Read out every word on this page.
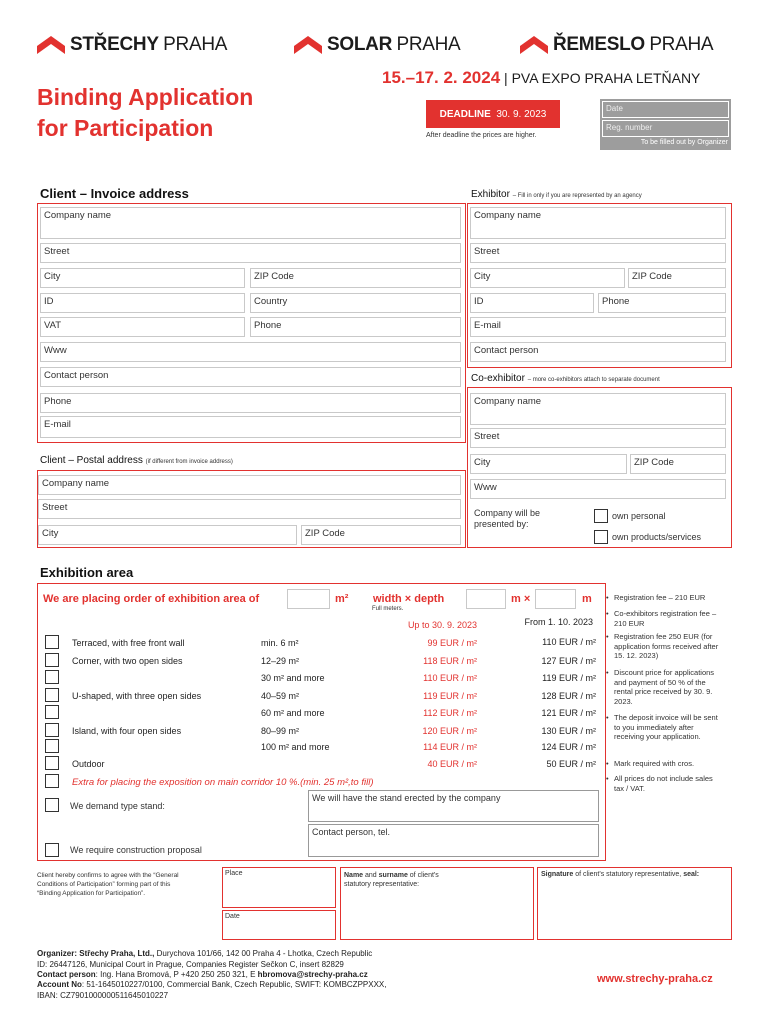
STŘECHY
PRAHA	SOLAR
PRAHA	ŘEMESLO
PRAHA
15.–17. 2. 2024 | PVA EXPO PRAHA LETŇANY
Binding Application
for Participation
DEADLINE
30. 9. 2023
After deadline the prices are higher.
Date
Reg. number
To be filled out by Organizer
Client – Invoice address
Company name
Street
City	ZIP Code
ID	Country
VAT	Phone
Www
Contact person
Phone
E-mail
Client – Postal address (if different from invoice address)
Company name
Street
City	ZIP Code
Exhibitor – Fill in only if you are represented by an agency
Company name
Street
City	ZIP Code
ID	Phone
E-mail
Contact person
Co-exhibitor – more co-exhibitors attach to separate document
Company name
Street
City	ZIP Code
Www
Company will be presented by:
own personal
own products/services
Exhibition area
We are placing order of exhibition area of	m² width × depth
Full meters.
m ×	m
Up to 30. 9. 2023	From 1. 10. 2023
Terraced, with free front wall	min. 6 m²	99 EUR / m²	110 EUR / m²
Corner, with two open sides	12–29 m²	118 EUR / m²	127 EUR / m²
30 m² and more	110 EUR / m²	119 EUR / m²
U-shaped, with three open sides	40–59 m²	119 EUR / m²	128 EUR / m²
60 m² and more	112 EUR / m²	121 EUR / m²
Island, with four open sides	80–99 m²	120 EUR / m²	130 EUR / m²
100 m² and more	114 EUR / m²	124 EUR / m²
Outdoor	40 EUR / m²	50 EUR / m²
Extra for placing the exposition on main corridor 10 %.(min. 25 m²,to fill)
We demand type stand:
We will have the stand erected by the company
Contact person, tel.
We require construction proposal
• Registration fee – 210 EUR
• Co-exhibitors registration fee – 210 EUR
• Registration fee 250 EUR (for application forms received after 15. 12. 2023)
• Discount price for applications and payment of 50 % of the rental price received by 30. 9. 2023.
• The deposit invoice will be sent to you immediately after receiving your application.
• Mark required with cros.
• All prices do not include sales tax / VAT.
Client hereby confirms to agree with the “General
Conditions of Participation” forming part of this
“Binding Application for Participation”.
Place
Date
Name and surname of client's
statutory representative:
Signature of client's statutory representative, seal:
Organizer: Střechy Praha, Ltd., Durychova 101/66, 142 00 Praha 4 - Lhotka, Czech Republic
ID: 26447126, Municipal Court in Prague, Companies Register Sečkon C, insert 82829
Contact person: Ing. Hana Bromová, P +420 250 250 321, E hbromova@strechy-praha.cz
Account No: 51-1645010227/0100, Commercial Bank, Czech Republic, SWIFT: KOMBCZPPXXX,
IBAN: CZ7901000000511645010227
www.strechy-praha.cz
